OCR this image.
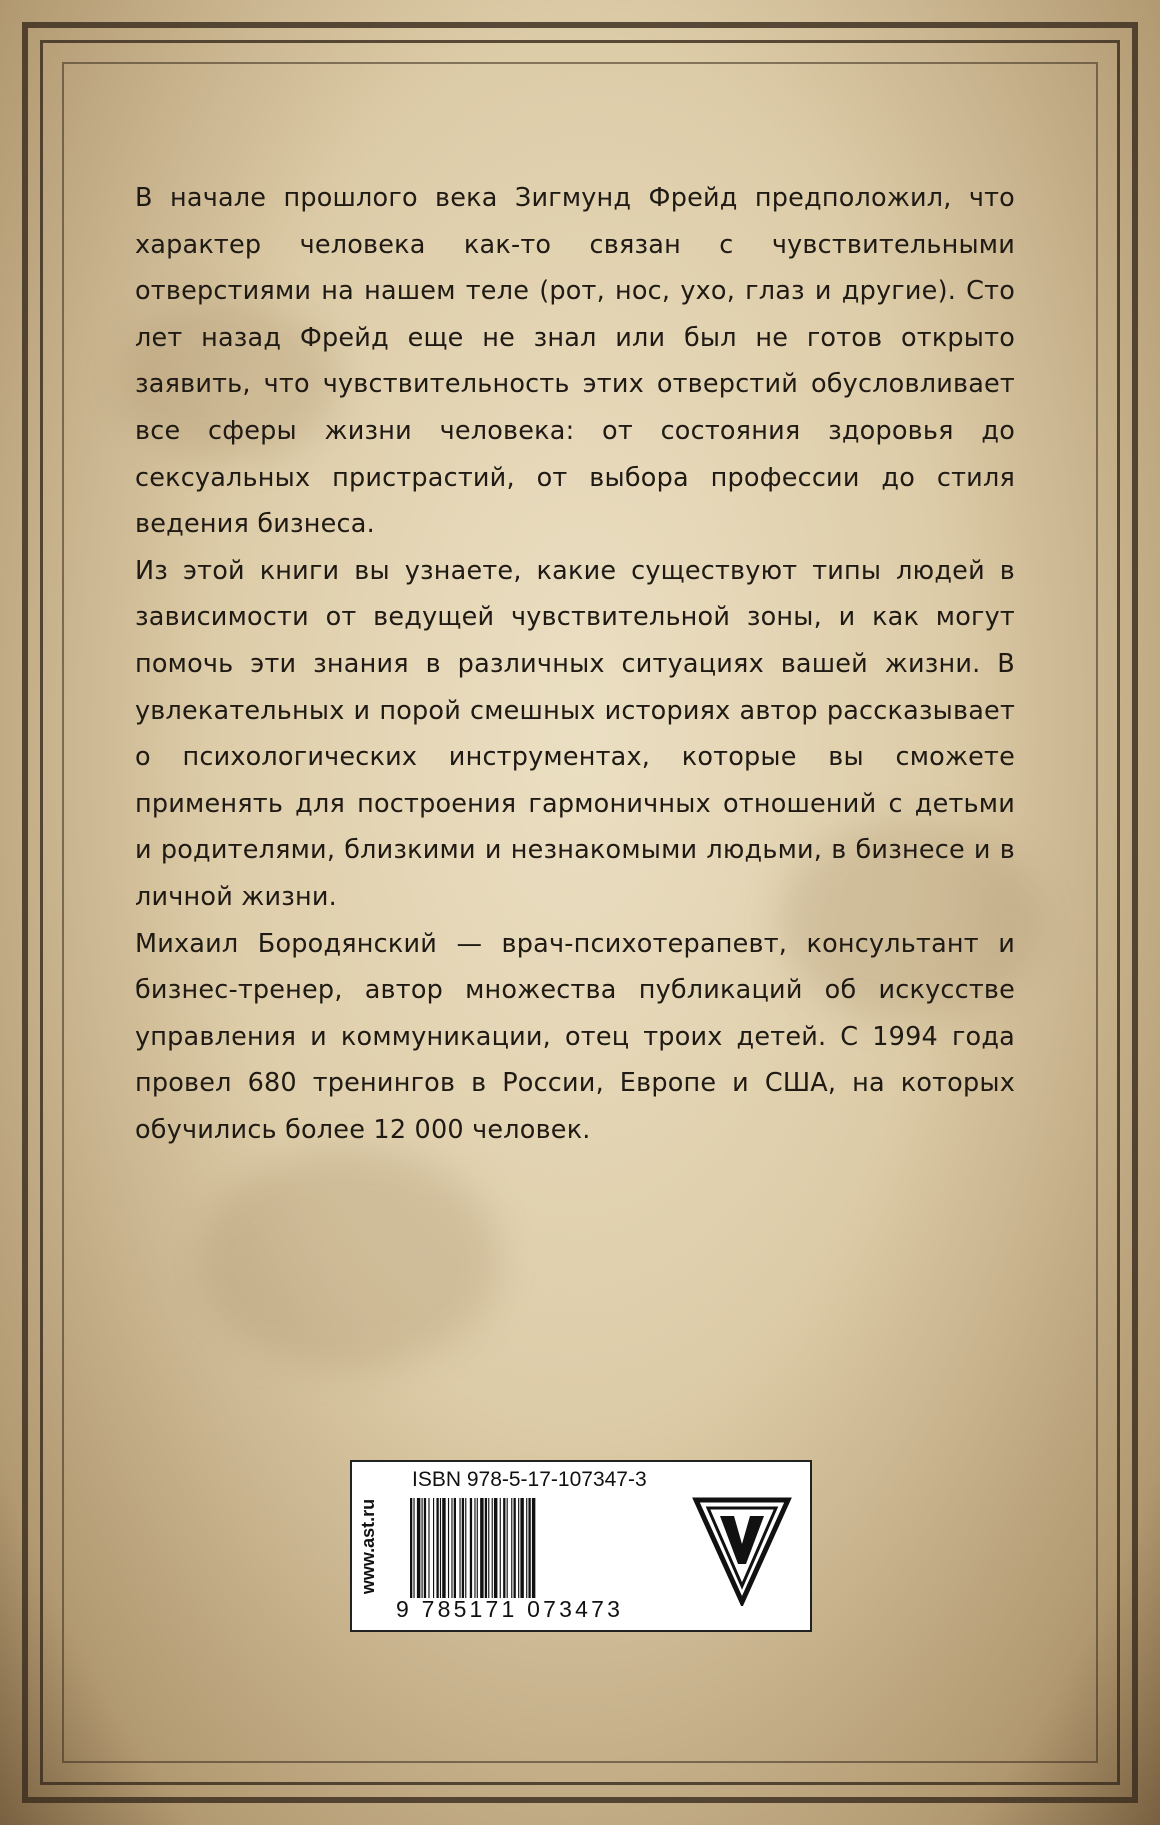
В начале прошлого века Зигмунд Фрейд предположил, что характер человека как-то связан с чувствительными отверстиями на нашем теле (рот, нос, ухо, глаз и другие). Сто лет назад Фрейд еще не знал или был не готов открыто заявить, что чувствительность этих отверстий обусловливает все сферы жизни человека: от состояния здоровья до сексуальных пристрастий, от выбора профессии до стиля ведения бизнеса.

Из этой книги вы узнаете, какие существуют типы людей в зависимости от ведущей чувствительной зоны, и как могут помочь эти знания в различных ситуациях вашей жизни. В увлекательных и порой смешных историях автор рассказывает о психологических инструментах, которые вы сможете применять для построения гармоничных отношений с детьми и родителями, близкими и незнакомыми людьми, в бизнесе и в личной жизни.

Михаил Бородянский — врач-психотерапевт, консультант и бизнес-тренер, автор множества публикаций об искусстве управления и коммуникации, отец троих детей. С 1994 года провел 680 тренингов в России, Европе и США, на которых обучились более 12 000 человек.

www.ast.ru
ISBN 978-5-17-107347-3
9 785171 073473
